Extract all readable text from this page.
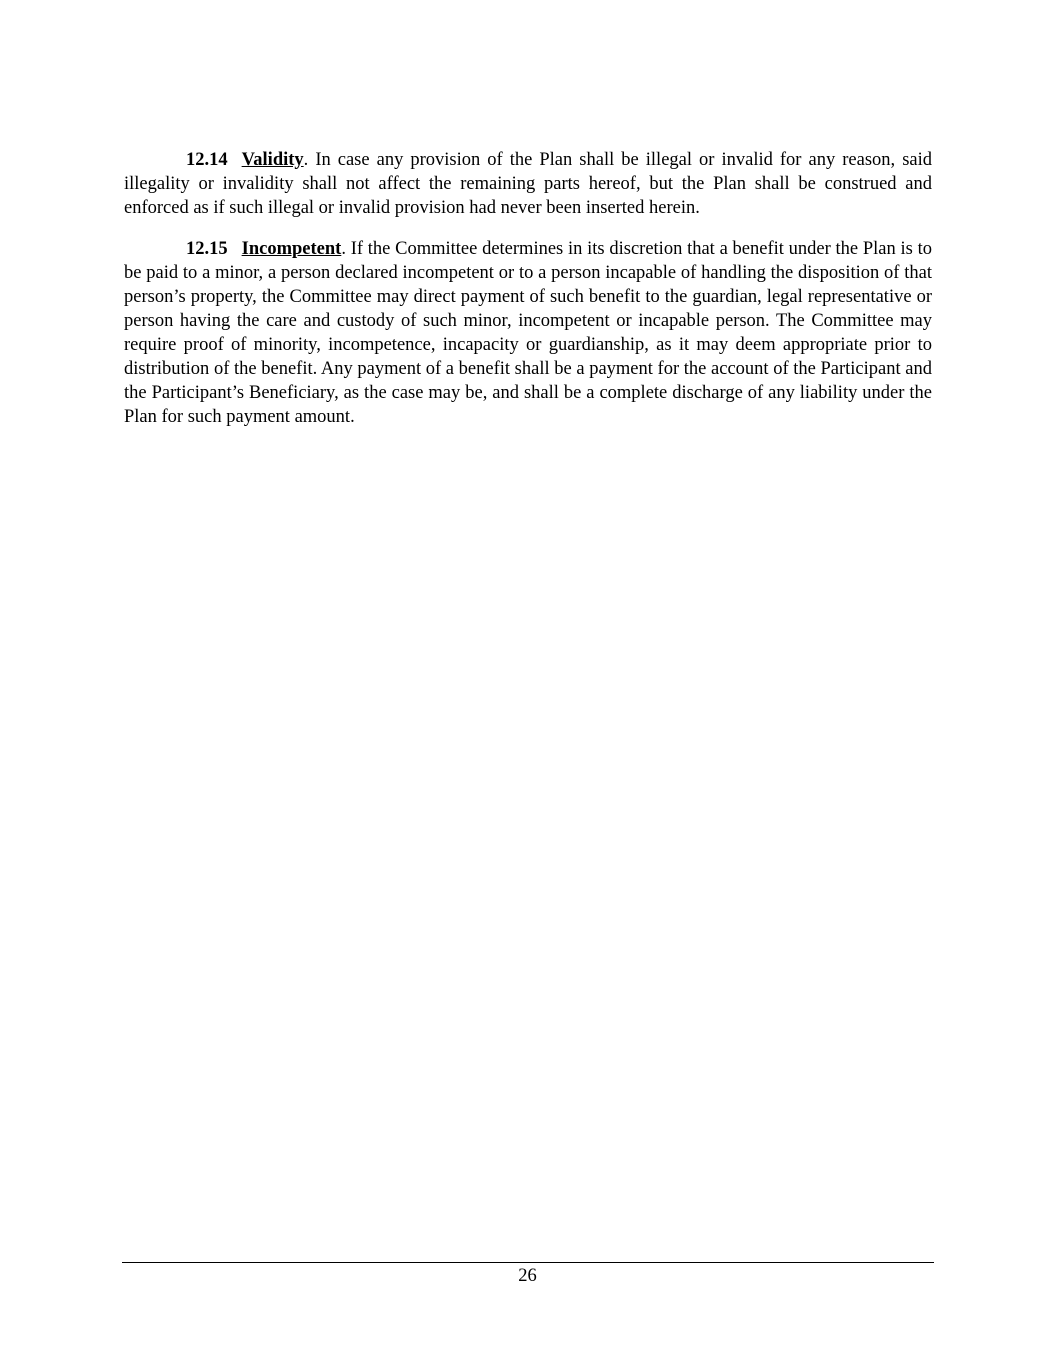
12.14 Validity. In case any provision of the Plan shall be illegal or invalid for any reason, said illegality or invalidity shall not affect the remaining parts hereof, but the Plan shall be construed and enforced as if such illegal or invalid provision had never been inserted herein.

12.15 Incompetent. If the Committee determines in its discretion that a benefit under the Plan is to be paid to a minor, a person declared incompetent or to a person incapable of handling the disposition of that person’s property, the Committee may direct payment of such benefit to the guardian, legal representative or person having the care and custody of such minor, incompetent or incapable person. The Committee may require proof of minority, incompetence, incapacity or guardianship, as it may deem appropriate prior to distribution of the benefit. Any payment of a benefit shall be a payment for the account of the Participant and the Participant’s Beneficiary, as the case may be, and shall be a complete discharge of any liability under the Plan for such payment amount.

26
